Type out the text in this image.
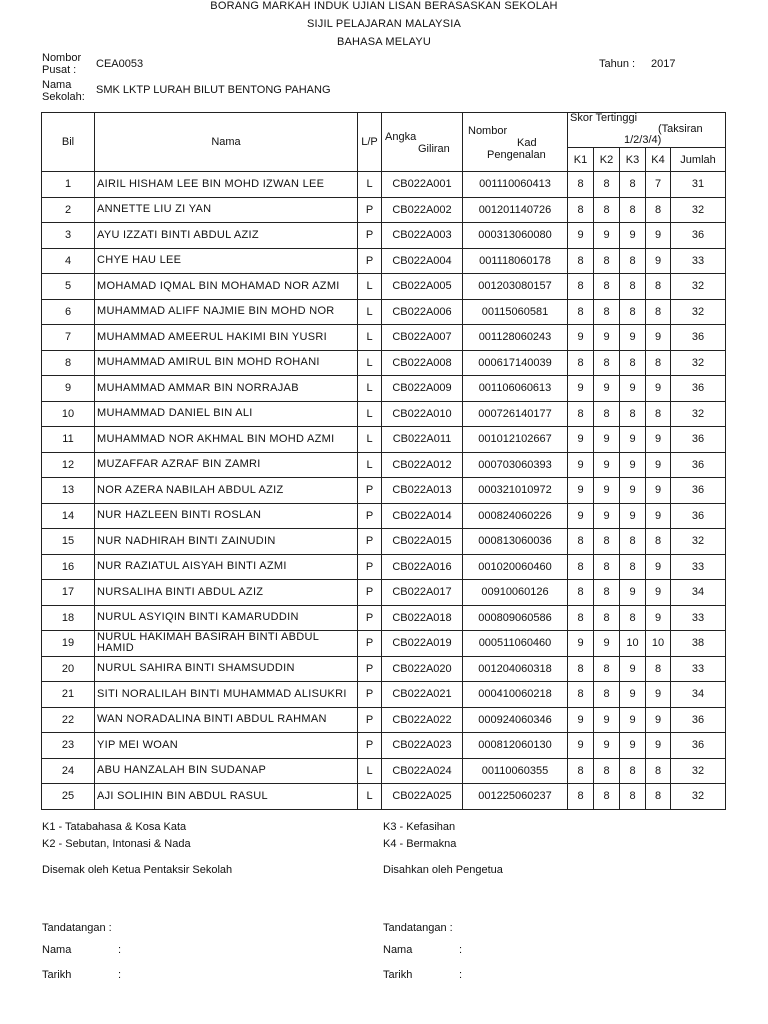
BORANG MARKAH INDUK UJIAN LISAN BERASASKAN SEKOLAH
SIJIL PELAJARAN MALAYSIA
BAHASA MELAYU
Nombor
Pusat : CEA0053	Tahun : 2017
Nama
Sekolah:
SMK LKTP LURAH BILUT BENTONG PAHANG
Bil	Nama	L/P	Angka
Giliran	Nombor
Kad
Pengenalan	Skor Tertinggi
(Taksiran
1/2/3/4)				

					K1	K2	K3	K4	Jumlah
1	AIRIL HISHAM LEE BIN MOHD IZWAN LEE	L	CB022A001	001110060413	8	8	8	7	31
2	ANNETTE LIU ZI YAN	P	CB022A002	001201140726	8	8	8	8	32
3	AYU IZZATI BINTI ABDUL AZIZ	P	CB022A003	000313060080	9	9	9	9	36
4	CHYE HAU LEE	P	CB022A004	001118060178	8	8	8	9	33
5	MOHAMAD IQMAL BIN MOHAMAD NOR AZMI	L	CB022A005	001203080157	8	8	8	8	32
6	MUHAMMAD ALIFF NAJMIE BIN MOHD NOR	L	CB022A006	00115060581	8	8	8	8	32
7	MUHAMMAD AMEERUL HAKIMI BIN YUSRI	L	CB022A007	001128060243	9	9	9	9	36
8	MUHAMMAD AMIRUL BIN MOHD ROHANI	L	CB022A008	000617140039	8	8	8	8	32
9	MUHAMMAD AMMAR BIN NORRAJAB	L	CB022A009	001106060613	9	9	9	9	36
10	MUHAMMAD DANIEL BIN ALI	L	CB022A010	000726140177	8	8	8	8	32
11	MUHAMMAD NOR AKHMAL BIN MOHD AZMI	L	CB022A011	001012102667	9	9	9	9	36
12	MUZAFFAR AZRAF BIN ZAMRI	L	CB022A012	000703060393	9	9	9	9	36
13	NOR AZERA NABILAH ABDUL AZIZ	P	CB022A013	000321010972	9	9	9	9	36
14	NUR HAZLEEN BINTI ROSLAN	P	CB022A014	000824060226	9	9	9	9	36
15	NUR NADHIRAH BINTI ZAINUDIN	P	CB022A015	000813060036	8	8	8	8	32
16	NUR RAZIATUL AISYAH BINTI AZMI	P	CB022A016	001020060460	8	8	8	9	33
17	NURSALIHA BINTI ABDUL AZIZ	P	CB022A017	00910060126	8	8	9	9	34
18	NURUL ASYIQIN BINTI KAMARUDDIN	P	CB022A018	000809060586	8	8	8	9	33
19	NURUL HAKIMAH BASIRAH BINTI ABDUL HAMID	P	CB022A019	000511060460	9	9	10	10	38
20	NURUL SAHIRA BINTI SHAMSUDDIN	P	CB022A020	001204060318	8	8	9	8	33
21	SITI NORALILAH BINTI MUHAMMAD ALISUKRI	P	CB022A021	000410060218	8	8	9	9	34
22	WAN NORADALINA BINTI ABDUL RAHMAN	P	CB022A022	000924060346	9	9	9	9	36
23	YIP MEI WOAN	P	CB022A023	000812060130	9	9	9	9	36
24	ABU HANZALAH BIN SUDANAP	L	CB022A024	00110060355	8	8	8	8	32
25	AJI SOLIHIN BIN ABDUL RASUL	L	CB022A025	001225060237	8	8	8	8	32
K1 - Tatabahasa & Kosa Kata
K2 - Sebutan, Intonasi & Nada
K3 - Kefasihan
K4 - Bermakna
Disemak oleh Ketua Pentaksir Sekolah	Disahkan oleh Pengetua
Tandatangan :
Nama	:
Tarikh	:
Tandatangan :
Nama	:
Tarikh	:
